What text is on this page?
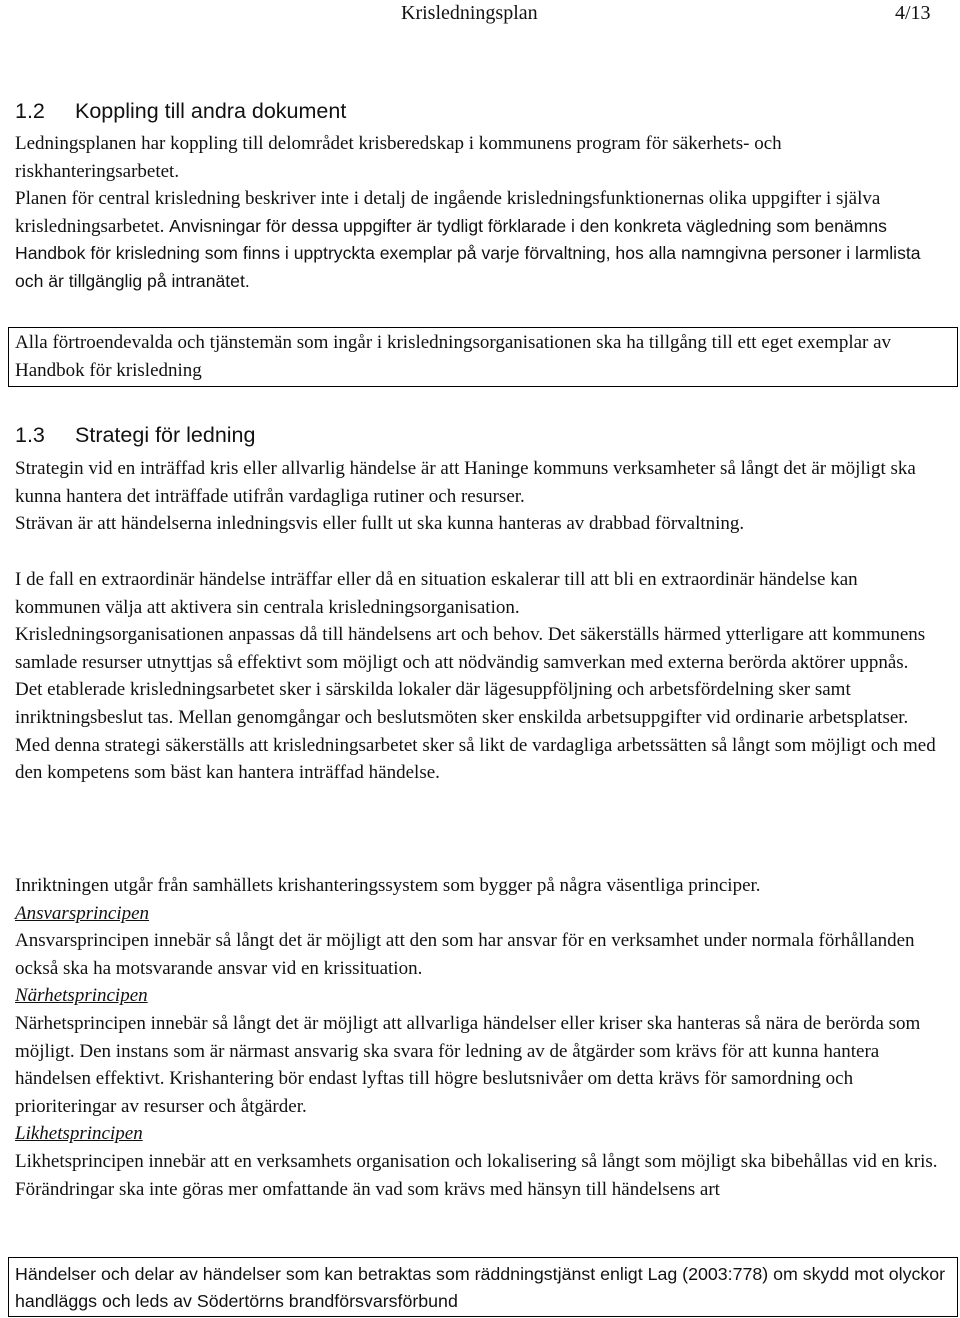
Krisledningsplan	4/13
1.2 Koppling till andra dokument

Ledningsplanen har koppling till delområdet krisberedskap i kommunens program för säkerhets- och riskhanteringsarbetet.

Planen för central krisledning beskriver inte i detalj de ingående krisledningsfunktionernas olika uppgifter i själva krisledningsarbetet. Anvisningar för dessa uppgifter är tydligt förklarade i den konkreta vägledning som benämns Handbok för krisledning som finns i upptryckta exemplar på varje förvaltning, hos alla namngivna personer i larmlista och är tillgänglig på intranätet.

Alla förtroendevalda och tjänstemän som ingår i krisledningsorganisationen ska ha tillgång till ett eget exemplar av Handbok för krisledning

1.3 Strategi för ledning

Strategin vid en inträffad kris eller allvarlig händelse är att Haninge kommuns verksamheter så långt det är möjligt ska kunna hantera det inträffade utifrån vardagliga rutiner och resurser.

Strävan är att händelserna inledningsvis eller fullt ut ska kunna hanteras av drabbad förvaltning.

I de fall en extraordinär händelse inträffar eller då en situation eskalerar till att bli en extraordinär händelse kan kommunen välja att aktivera sin centrala krisledningsorganisation.

Krisledningsorganisationen anpassas då till händelsens art och behov. Det säkerställs härmed ytterligare att kommunens samlade resurser utnyttjas så effektivt som möjligt och att nödvändig samverkan med externa berörda aktörer uppnås.

Det etablerade krisledningsarbetet sker i särskilda lokaler där lägesuppföljning och arbetsfördelning sker samt inriktningsbeslut tas. Mellan genomgångar och beslutsmöten sker enskilda arbetsuppgifter vid ordinarie arbetsplatser.

Med denna strategi säkerställs att krisledningsarbetet sker så likt de vardagliga arbetssätten så långt som möjligt och med den kompetens som bäst kan hantera inträffad händelse.

Inriktningen utgår från samhällets krishanteringssystem som bygger på några väsentliga principer.

Ansvarsprincipen

Ansvarsprincipen innebär så långt det är möjligt att den som har ansvar för en verksamhet under normala förhållanden också ska ha motsvarande ansvar vid en krissituation.

Närhetsprincipen

Närhetsprincipen innebär så långt det är möjligt att allvarliga händelser eller kriser ska hanteras så nära de berörda som möjligt. Den instans som är närmast ansvarig ska svara för ledning av de åtgärder som krävs för att kunna hantera händelsen effektivt. Krishantering bör endast lyftas till högre beslutsnivåer om detta krävs för samordning och prioriteringar av resurser och åtgärder.

Likhetsprincipen

Likhetsprincipen innebär att en verksamhets organisation och lokalisering så långt som möjligt ska bibehållas vid en kris. Förändringar ska inte göras mer omfattande än vad som krävs med hänsyn till händelsens art

Händelser och delar av händelser som kan betraktas som räddningstjänst enligt Lag (2003:778) om skydd mot olyckor handläggs och leds av Södertörns brandförsvarsförbund
